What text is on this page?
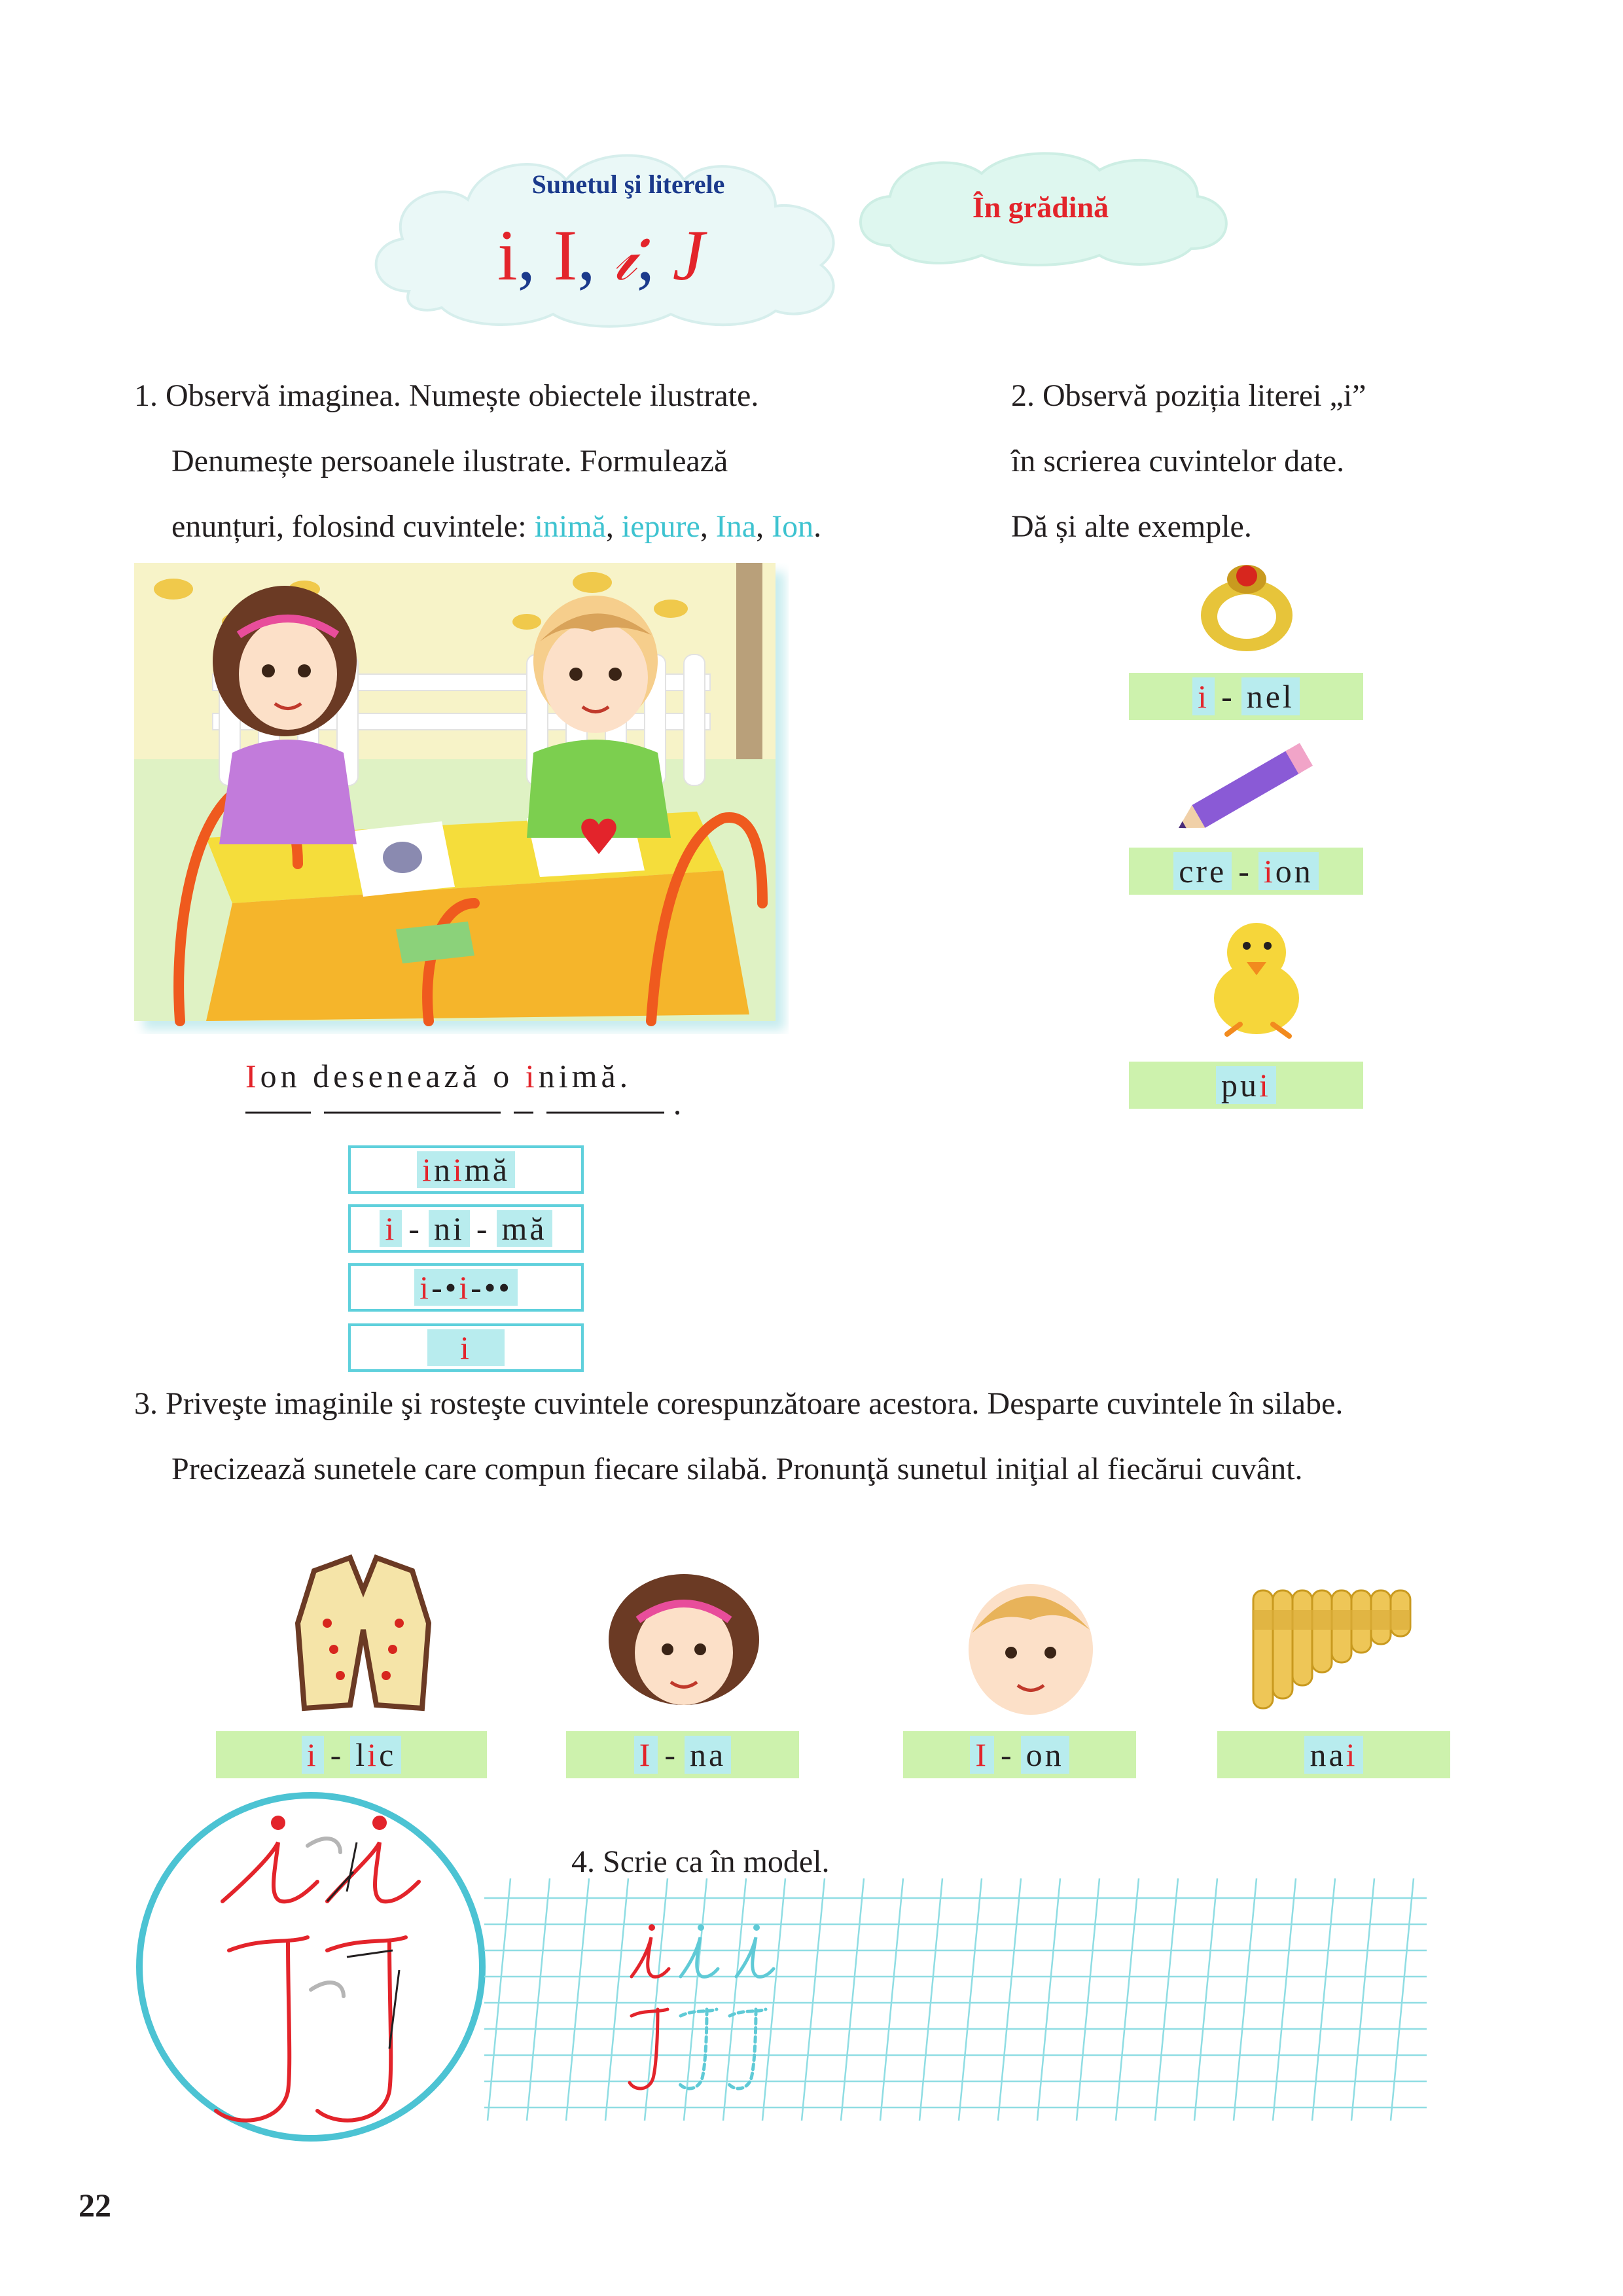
Sunetul şi literele
i, I, 𝒾, J
În grădină
1. Observă imaginea. Numește obiectele ilustrate.
Denumește persoanele ilustrate. Formulează
enunțuri, folosind cuvintele: inimă, iepure, Ina, Ion.
Ion desenează o inimă.
inimă
i - ni - mă
i-•i-••
i
2. Observă poziția literei „i”
în scrierea cuvintelor date.
Dă și alte exemple.
i - nel
cre - ion
pui
3. Priveşte imaginile şi rosteşte cuvintele corespunzătoare acestora. Desparte cuvintele în silabe.
Precizează sunetele care compun fiecare silabă. Pronunţă sunetul iniţial al fiecărui cuvânt.
i - lic	I - na	I - on	nai
4. Scrie ca în model.
22
